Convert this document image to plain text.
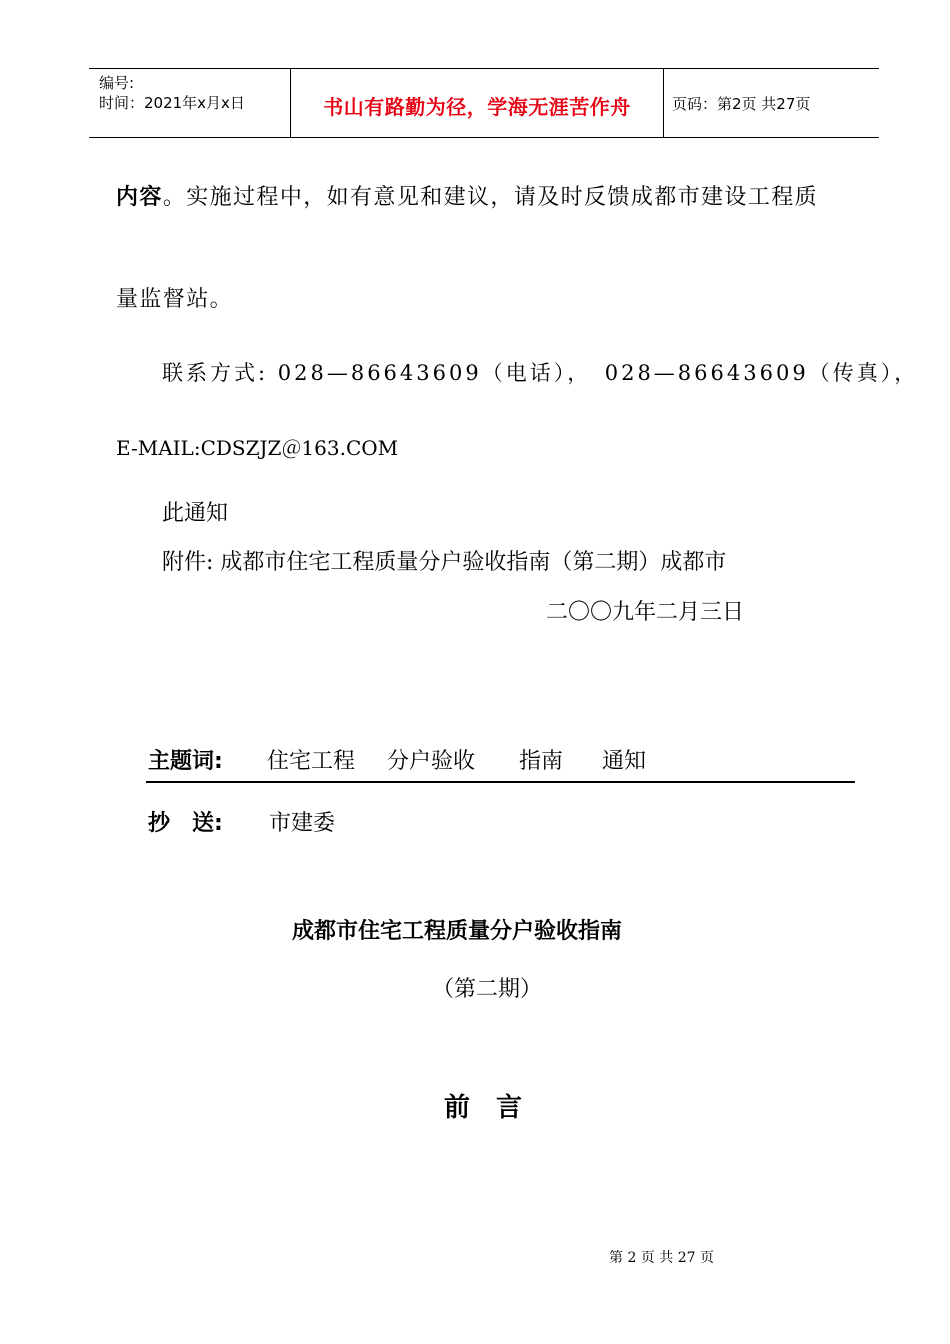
编号:
时间：2021年x月x日	书山有路勤为径，学海无涯苦作舟	页码：第2页 共27页
内容。实施过程中，如有意见和建议，请及时反馈成都市建设工程质
量监督站。
联系方式: 028—86643609（电话），　028—86643609（传真），
E-MAIL:CDSZJZ＠163.COM
此通知
附件: 成都市住宅工程质量分户验收指南（第二期）成都市
二〇〇九年二月三日
主题词: 住宅工程 分户验收 指南 通知
抄　送: 市建委
成都市住宅工程质量分户验收指南
（第二期）
前　言
第 2 页 共 27 页
